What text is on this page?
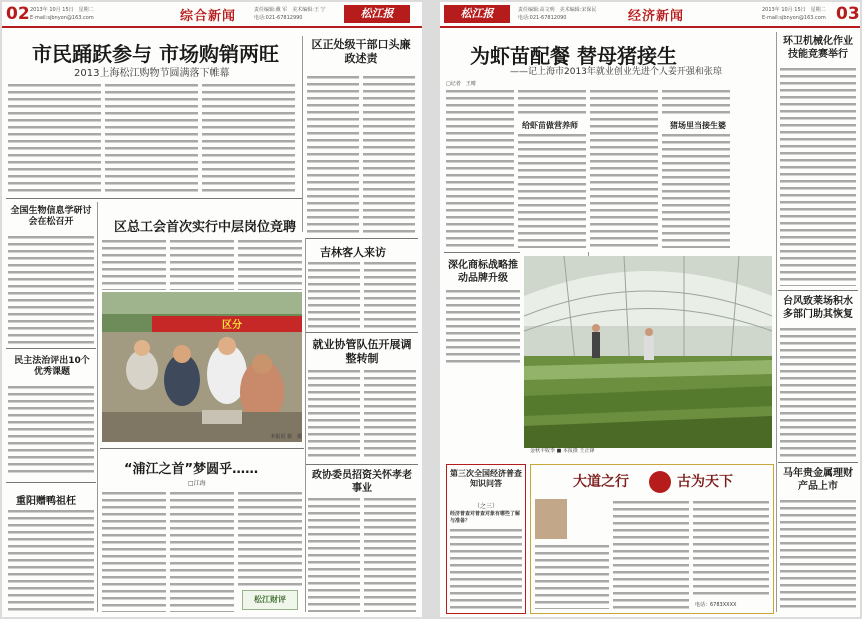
02 2013年 10月 15日　星期二
E-mail:sjbnyon@163.com	综合新闻	责任编辑:戴 军　美术编辑:王 宁
电话:021-67812990	松江报
市民踊跃参与 市场购销两旺
2013上海松江购物节圆满落下帷幕
区正处级干部口头廉政述责
全国生物信息学研讨会在松召开	区总工会首次实行中层岗位竞聘
区分
本报讯 蔡　摄
吉林客人来访
就业协管队伍开展调整转制
政协委员招资关怀孝老事业
民主法治评出10个优秀课题
重阳赠鸭祖枉
“浦江之首”梦圆乎……
□江海
松江财评
松江报	责任编辑:高文明　美术编辑:宋保民
电话:021-67812090	经济新闻	2013年 10月 15日　星期二
E-mail:sjbnyon@163.com 03
为虾苗配餐 替母猪接生
——记上海市2013年就业创业先进个人姜开强和张琼
□记者　王晴
给虾苗做营养师	猪场里当接生婆
深化商标战略推动品牌升级
金秋丰收季 ■ 本报摄 王正锋
环卫机械化作业技能竞赛举行
台风致莱场积水多部门助其恢复
马年贵金属理财产品上市
第三次全国经济普查知识问答
（之三）
经济普查对普查对象有哪些了解与准备？
大道之行	古为天下
电话：6783XXXX
